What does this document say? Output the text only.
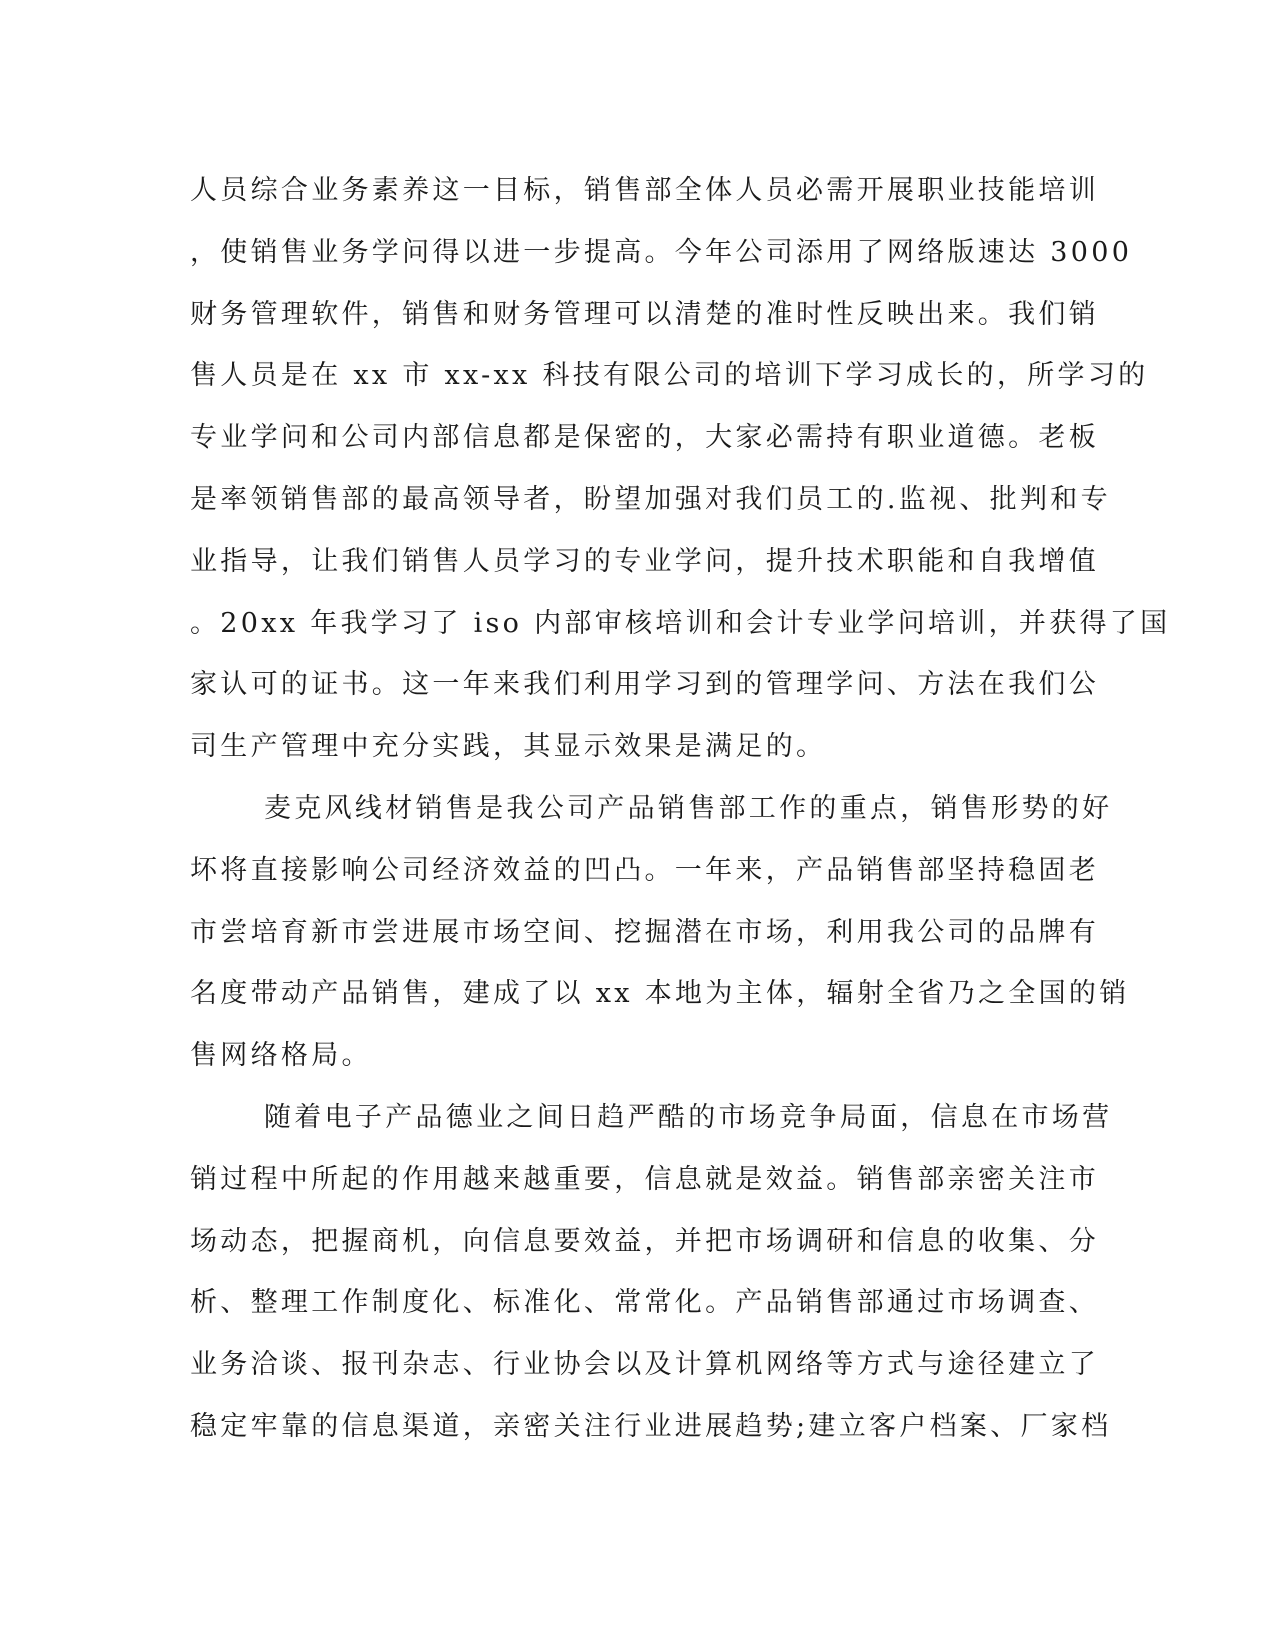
人员综合业务素养这一目标，销售部全体人员必需开展职业技能培训
，使销售业务学问得以进一步提高。今年公司添用了网络版速达 3000
财务管理软件，销售和财务管理可以清楚的准时性反映出来。我们销
售人员是在 xx 市 xx-xx 科技有限公司的培训下学习成长的，所学习的
专业学问和公司内部信息都是保密的，大家必需持有职业道德。老板
是率领销售部的最高领导者，盼望加强对我们员工的.监视、批判和专
业指导，让我们销售人员学习的专业学问，提升技术职能和自我增值
。20xx 年我学习了 iso 内部审核培训和会计专业学问培训，并获得了国
家认可的证书。这一年来我们利用学习到的管理学问、方法在我们公
司生产管理中充分实践，其显示效果是满足的。
麦克风线材销售是我公司产品销售部工作的重点，销售形势的好
坏将直接影响公司经济效益的凹凸。一年来，产品销售部坚持稳固老
市尝培育新市尝进展市场空间、挖掘潜在市场，利用我公司的品牌有
名度带动产品销售，建成了以 xx 本地为主体，辐射全省乃之全国的销
售网络格局。
随着电子产品德业之间日趋严酷的市场竞争局面，信息在市场营
销过程中所起的作用越来越重要，信息就是效益。销售部亲密关注市
场动态，把握商机，向信息要效益，并把市场调研和信息的收集、分
析、整理工作制度化、标准化、常常化。产品销售部通过市场调查、
业务洽谈、报刊杂志、行业协会以及计算机网络等方式与途径建立了
稳定牢靠的信息渠道，亲密关注行业进展趋势;建立客户档案、厂家档
